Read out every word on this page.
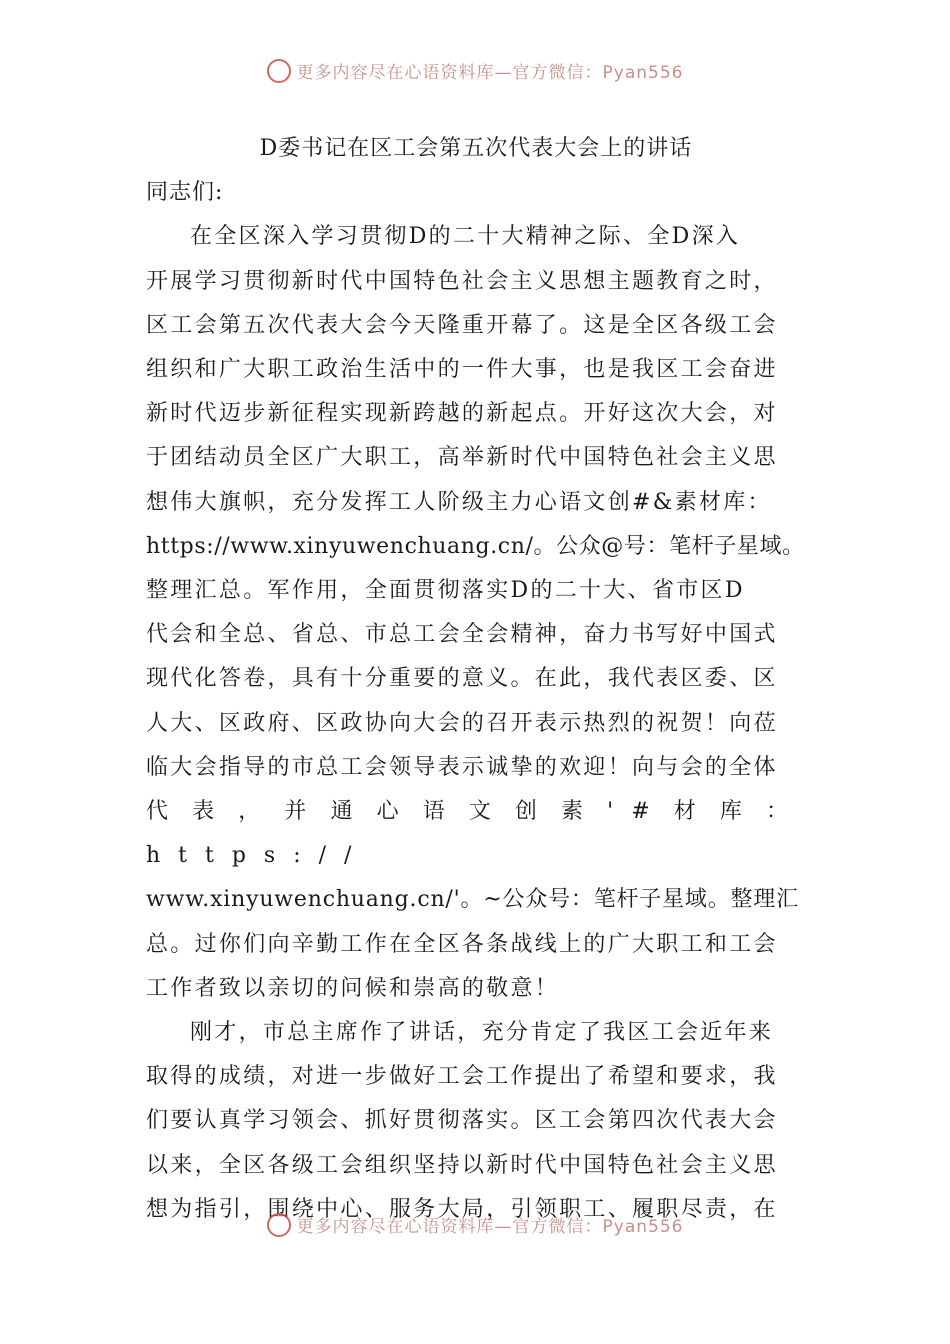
更多内容尽在心语资料库—官方微信：Pyan556

D委书记在区工会第五次代表大会上的讲话

同志们:

在全区深入学习贯彻D的二十大精神之际、全D深入
开展学习贯彻新时代中国特色社会主义思想主题教育之时，
区工会第五次代表大会今天隆重开幕了。这是全区各级工会
组织和广大职工政治生活中的一件大事，也是我区工会奋进
新时代迈步新征程实现新跨越的新起点。开好这次大会，对
于团结动员全区广大职工，高举新时代中国特色社会主义思
想伟大旗帜，充分发挥工人阶级主力心语文创#&素材库：
https://www.xinyuwenchuang.cn/。公众@号：笔杆子星域。
整理汇总。军作用，全面贯彻落实D的二十大、省市区D
代会和全总、省总、市总工会全会精神，奋力书写好中国式
现代化答卷，具有十分重要的意义。在此，我代表区委、区
人大、区政府、区政协向大会的召开表示热烈的祝贺！向莅
临大会指导的市总工会领导表示诚挚的欢迎！向与会的全体
代表，并通心语文创素'#材库：https://
www.xinyuwenchuang.cn/'。~公众号：笔杆子星域。整理汇
总。过你们向辛勤工作在全区各条战线上的广大职工和工会
工作者致以亲切的问候和崇高的敬意！

刚才，市总主席作了讲话，充分肯定了我区工会近年来
取得的成绩，对进一步做好工会工作提出了希望和要求，我
们要认真学习领会、抓好贯彻落实。区工会第四次代表大会
以来，全区各级工会组织坚持以新时代中国特色社会主义思
想为指引，围绕中心、服务大局，引领职工、履职尽责，在

更多内容尽在心语资料库—官方微信：Pyan556
